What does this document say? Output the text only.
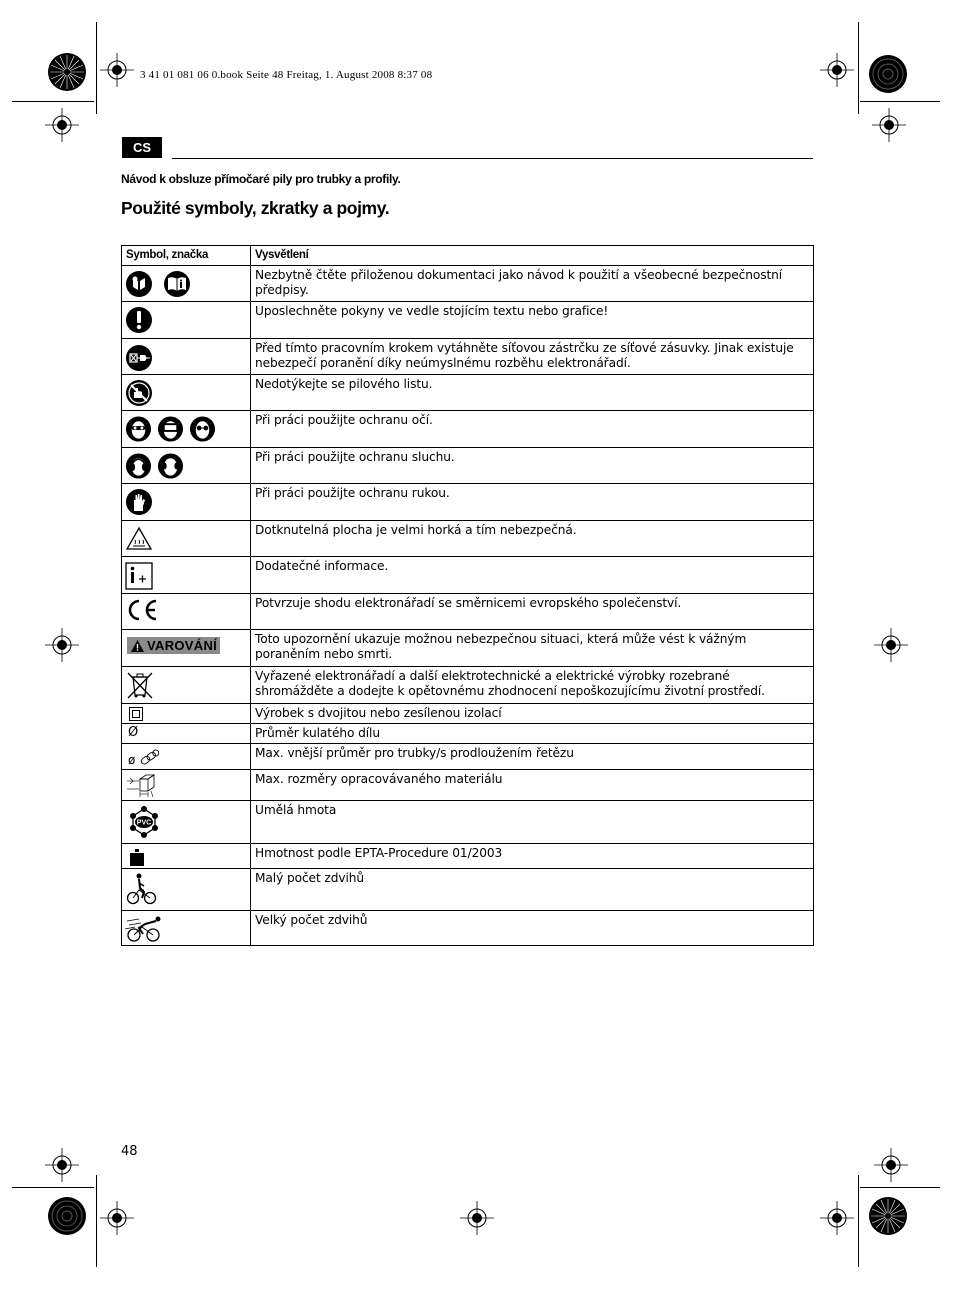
3 41 01 081 06 0.book Seite 48 Freitag, 1. August 2008 8:37 08
CS
Návod k obsluze přímočaré pily pro trubky a profily.
Použité symboly, zkratky a pojmy.
Symbol, značka	Vysvětlení

	Nezbytně čtěte přiloženou dokumentaci jako návod k použití a všeobecné bezpečnostní předpisy.

	Uposlechněte pokyny ve vedle stojícím textu nebo grafice!

	Před tímto pracovním krokem vytáhněte síťovou zástrčku ze síťové zásuvky. Jinak existuje nebezpečí poranění díky neúmyslnému rozběhu elektronářadí.

	Nedotýkejte se pilového listu.

	Při práci použijte ochranu očí.

	Při práci použijte ochranu sluchu.

	Při práci použijte ochranu rukou.

	Dotknutelná plocha je velmi horká a tím nebezpečná.

	Dodatečné informace.

	Potvrzuje shodu elektronářadí se směrnicemi evropského společenství.

VAROVÁNÍ	Toto upozornění ukazuje možnou nebezpečnou situaci, která může vést k vážným poraněním nebo smrti.

	Vyřazené elektronářadí a další elektrotechnické a elektrické výrobky rozebrané shromážděte a dodejte k opětovnému zhodnocení nepoškozujícímu životní prostředí.

	Výrobek s dvojitou nebo zesílenou izolací

Ø	Průměr kulatého dílu

ø	Max. vnější průměr pro trubky/s prodloužením řetězu

	Max. rozměry opracovávaného materiálu

PVC	Umělá hmota

	Hmotnost podle EPTA-Procedure 01/2003

	Malý počet zdvihů

	Velký počet zdvihů
48
